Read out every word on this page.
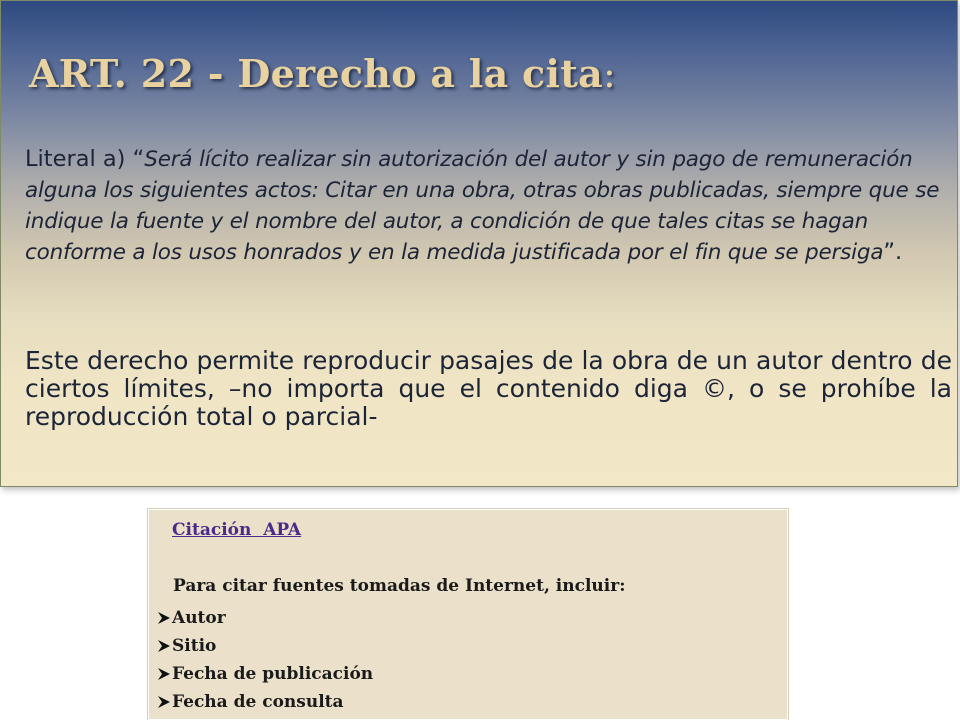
ART. 22 - Derecho a la cita:

Literal a) “Será lícito realizar sin autorización del autor y sin pago de remuneración alguna los siguientes actos: Citar en una obra, otras obras publicadas, siempre que se indique la fuente y el nombre del autor, a condición de que tales citas se hagan conforme a los usos honrados y en la medida justificada por el fin que se persiga”.

Este derecho permite reproducir pasajes de la obra de un autor dentro de ciertos límites, –no importa que el contenido diga ©, o se prohíbe la reproducción total o parcial-

Citación  APA
Para citar fuentes tomadas de Internet, incluir:
Autor
Sitio
Fecha de publicación
Fecha de consulta
